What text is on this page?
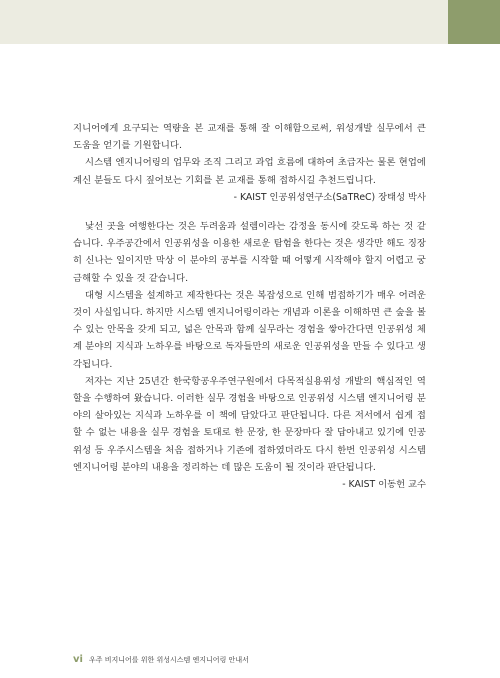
지니어에게 요구되는 역량을 본 교재를 통해 잘 이해함으로써, 위성개발 실무에서 큰 도움을 얻기를 기원합니다.

시스템 엔지니어링의 업무와 조직 그리고 과업 흐름에 대하여 초급자는 물론 현업에 계신 분들도 다시 짚어보는 기회를 본 교재를 통해 접하시길 추천드립니다.

- KAIST 인공위성연구소(SaTReC) 장태성 박사

낯선 곳을 여행한다는 것은 두려움과 설렘이라는 감정을 동시에 갖도록 하는 것 같습니다. 우주공간에서 인공위성을 이용한 새로운 탐험을 한다는 것은 생각만 해도 징장히 신나는 일이지만 막상 이 분야의 공부를 시작할 때 어떻게 시작해야 할지 어렵고 궁금해할 수 있을 것 같습니다.

대형 시스템을 설계하고 제작한다는 것은 복잡성으로 인해 범접하기가 매우 어려운 것이 사실입니다. 하지만 시스템 엔지니어링이라는 개념과 이론을 이해하면 큰 숲을 볼 수 있는 안목을 갖게 되고, 넓은 안목과 함께 실무라는 경험을 쌓아간다면 인공위성 체계 분야의 지식과 노하우를 바탕으로 독자들만의 새로운 인공위성을 만들 수 있다고 생각됩니다.

저자는 지난 25년간 한국항공우주연구원에서 다목적실용위성 개발의 핵심적인 역할을 수행하여 왔습니다. 이러한 실무 경험을 바탕으로 인공위성 시스템 엔지니어링 분야의 살아있는 지식과 노하우를 이 책에 담았다고 판단됩니다. 다른 저서에서 쉽게 접할 수 없는 내용을 실무 경험을 토대로 한 문장, 한 문장마다 잘 답아내고 있기에 인공위성 등 우주시스템을 처음 접하거나 기존에 접하였더라도 다시 한번 인공위성 시스템 엔지니어링 분야의 내용을 정리하는 데 많은 도움이 될 것이라 판단됩니다.

- KAIST 이동헌 교수
vi 우주 비지니어를 위한 위성시스템 엔지니어링 안내서
